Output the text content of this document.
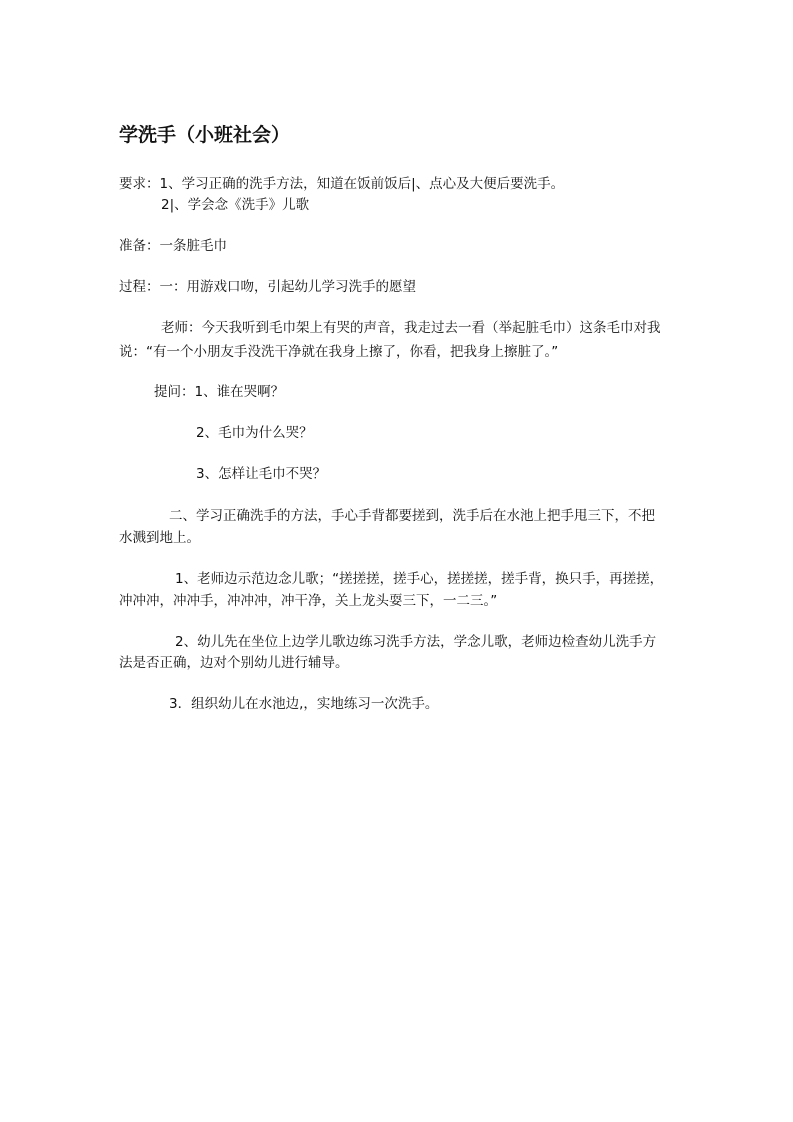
学洗手（小班社会）
要求：1、学习正确的洗手方法，知道在饭前饭后|、点心及大便后要洗手。
2|、学会念《洗手》儿歌
准备：一条脏毛巾
过程：一：用游戏口吻，引起幼儿学习洗手的愿望
老师：今天我听到毛巾架上有哭的声音，我走过去一看（举起脏毛巾）这条毛巾对我
说：“有一个小朋友手没洗干净就在我身上擦了，你看，把我身上擦脏了。”
提问：1、谁在哭啊？
2、毛巾为什么哭？
3、怎样让毛巾不哭？
二、学习正确洗手的方法，手心手背都要搓到，洗手后在水池上把手甩三下，不把
水溅到地上。
1、老师边示范边念儿歌；“搓搓搓，搓手心，搓搓搓，搓手背，换只手，再搓搓，
冲冲冲，冲冲手，冲冲冲，冲干净，关上龙头耍三下，一二三。”
2、幼儿先在坐位上边学儿歌边练习洗手方法，学念儿歌，老师边检查幼儿洗手方
法是否正确，边对个别幼儿进行辅导。
3．组织幼儿在水池边,，实地练习一次洗手。
